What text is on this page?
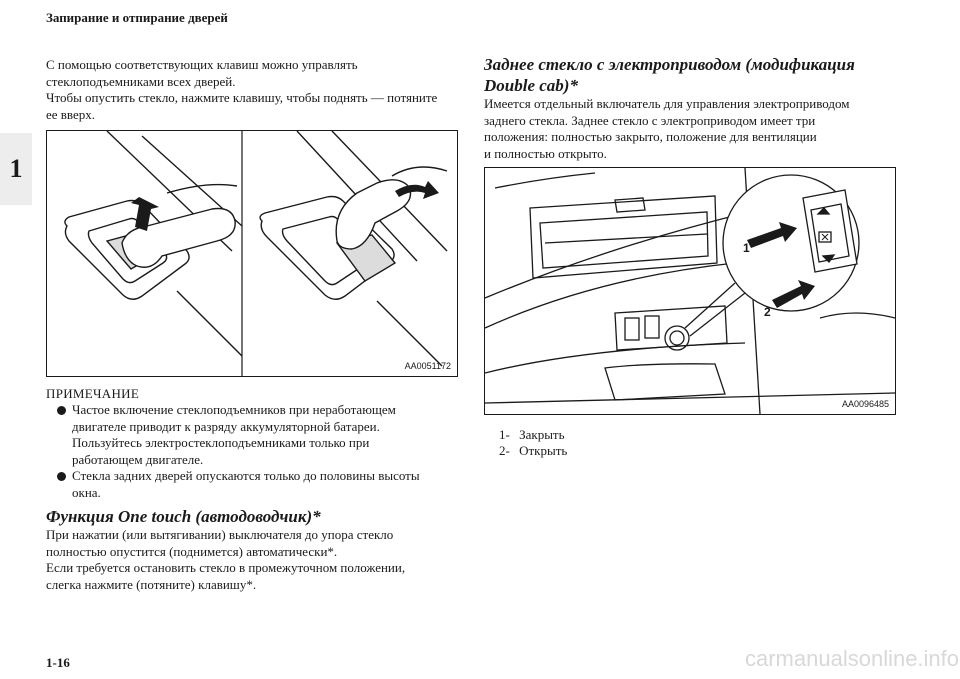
Запирание и отпирание дверей
1

С помощью соответствующих клавиш можно управлять

стеклоподъемниками всех дверей.

Чтобы опустить стекло, нажмите клавишу, чтобы поднять — потяните

ее вверх.

AA0051172
ПРИМЕЧАНИЕ
Частое включение стеклоподъемников при неработающем
двигателе приводит к разряду аккумуляторной батареи.
Пользуйтесь электростеклоподъемниками только при
работающем двигателе.
Стекла задних дверей опускаются только до половины высоты
окна.

Функция One touch (автодоводчик)*

При нажатии (или вытягивании) выключателя до упора стекло

полностью опустится (поднимется) автоматически*.

Если требуется остановить стекло в промежуточном положении,

слегка нажмите (потяните) клавишу*.

Заднее стекло с электроприводом (модификация

Double cab)*

Имеется отдельный включатель для управления электроприводом

заднего стекла. Заднее стекло с электроприводом имеет три

положения: полностью закрыто, положение для вентиляции

и полностью открыто.

1
2
AA0096485
1- Закрыть
2- Открыть
1-16	carmanualsonline.info
